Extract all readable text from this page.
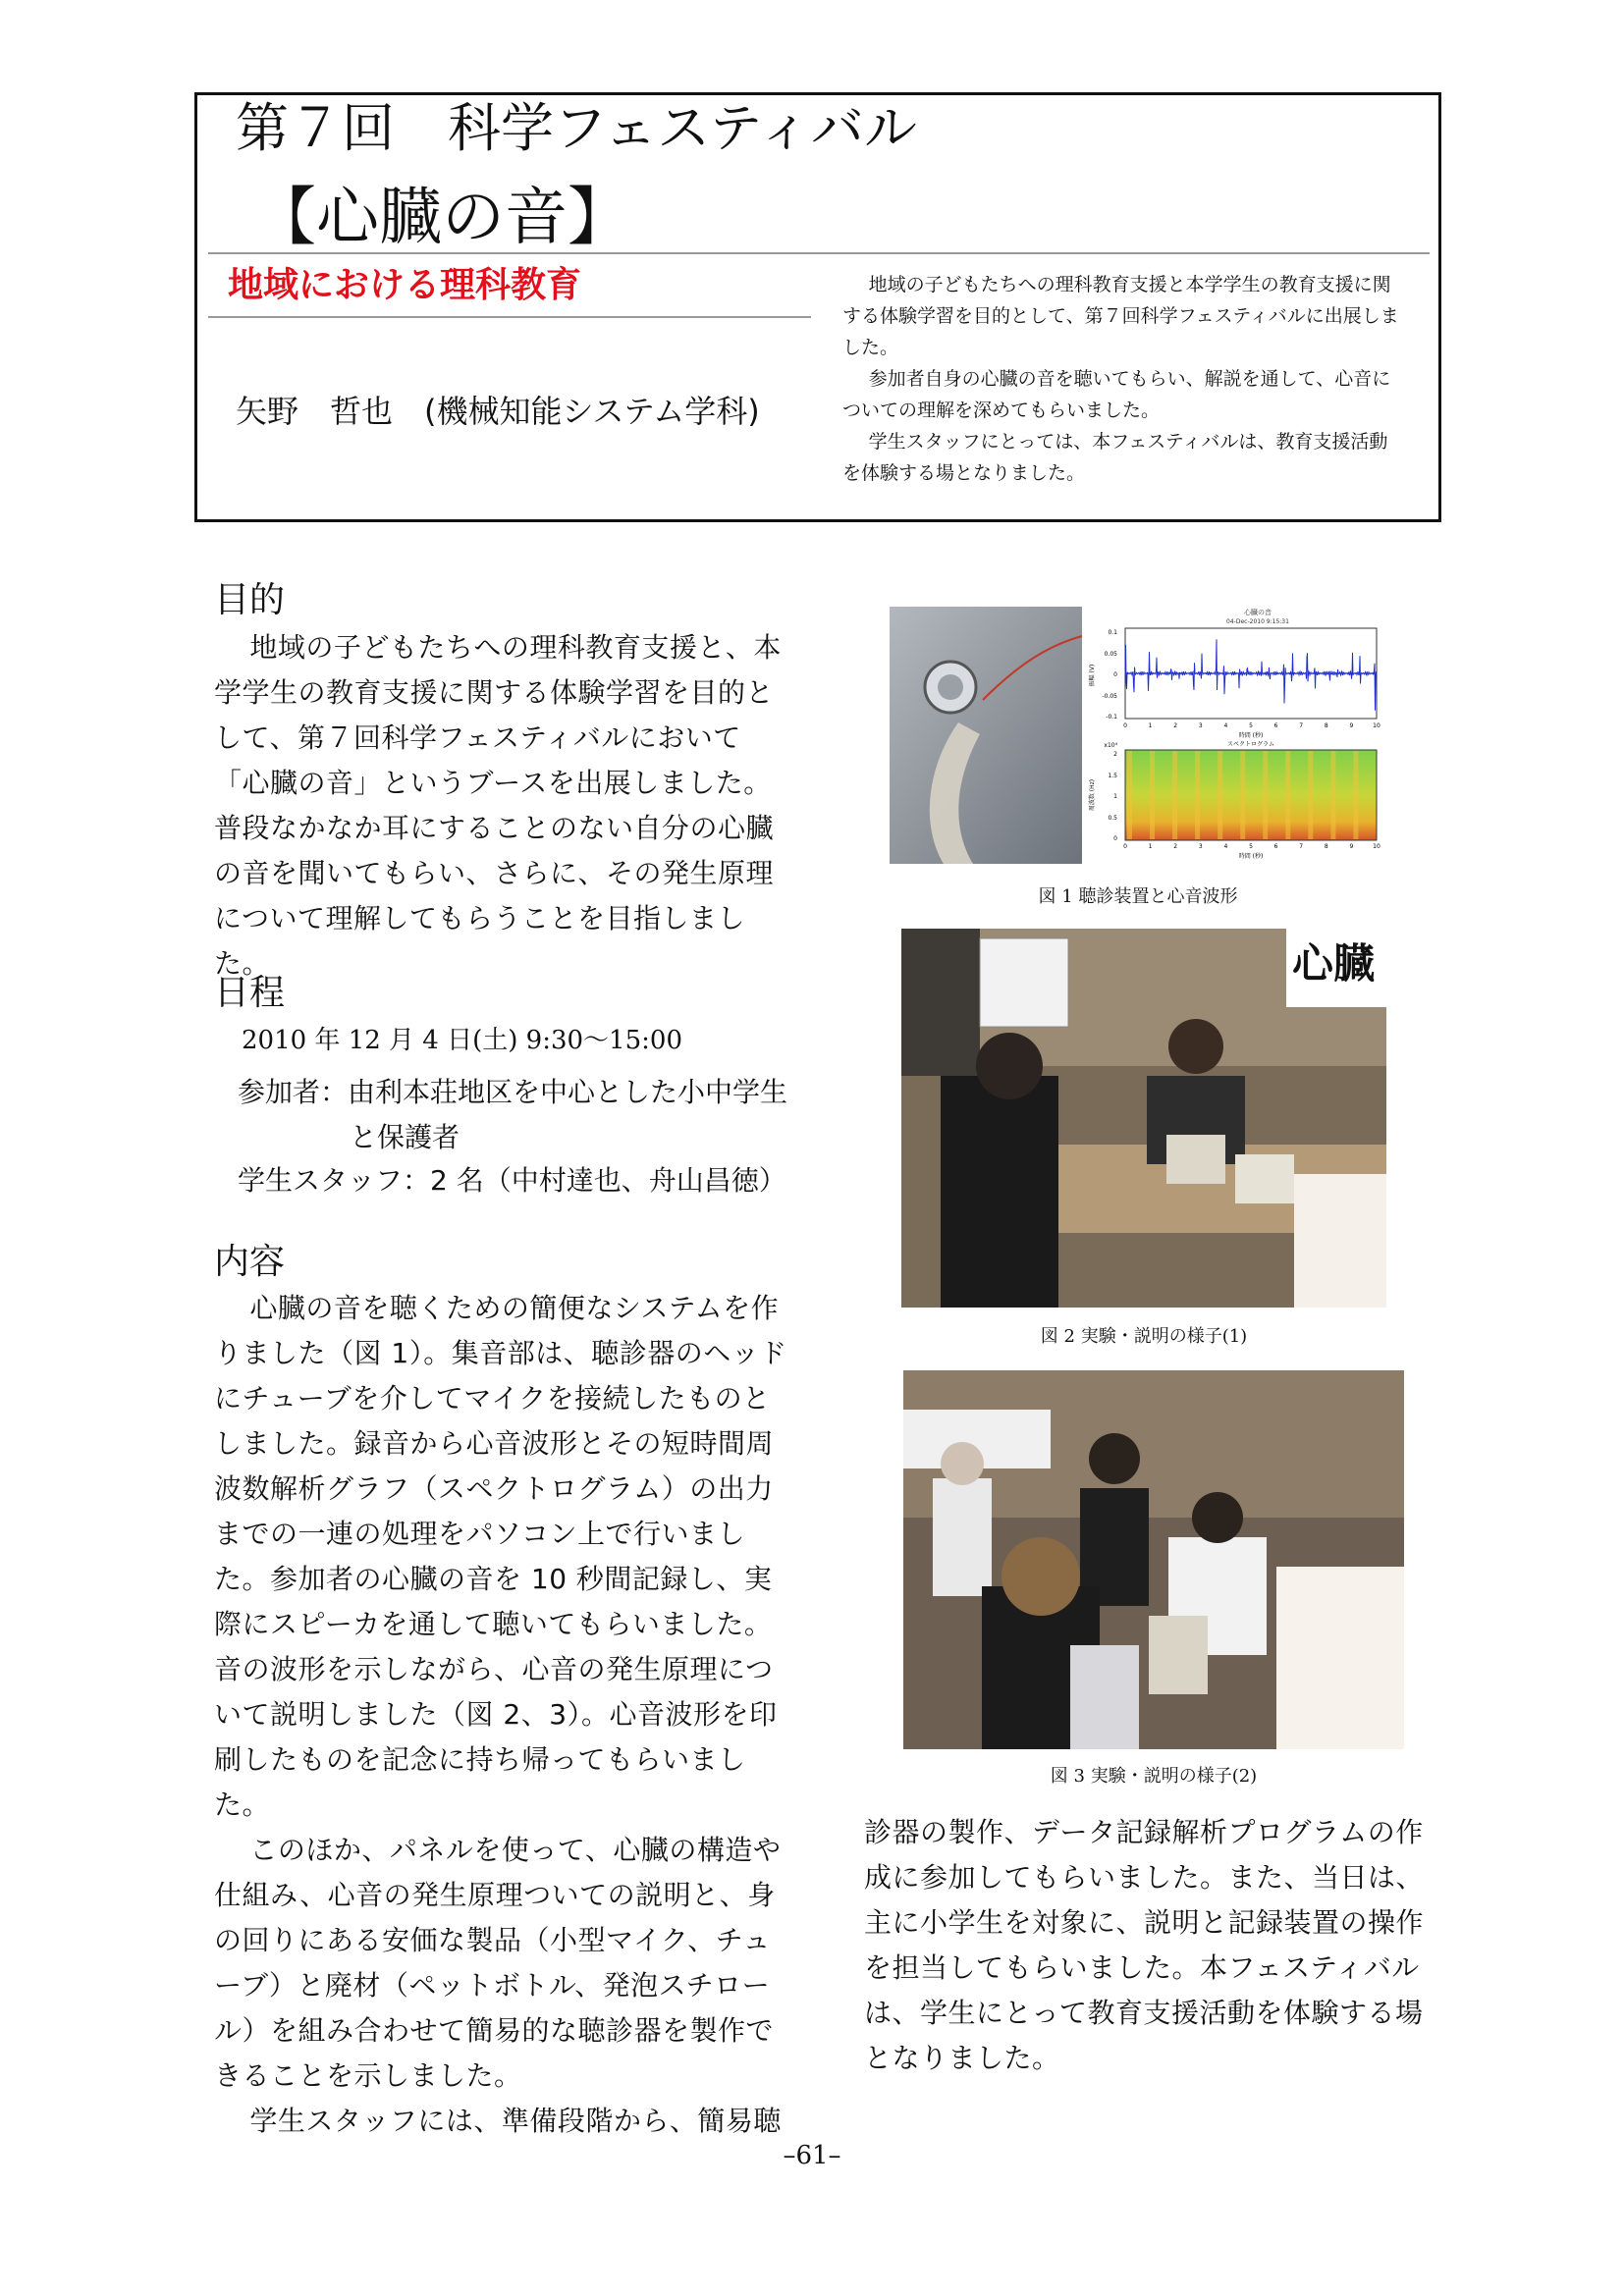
第７回　科学フェスティバル
【心臓の音】
地域における理科教育
矢野　哲也　(機械知能システム学科)

地域の子どもたちへの理科教育支援と本学学生の教育支援に関する体験学習を目的として、第７回科学フェスティバルに出展しました。

参加者自身の心臓の音を聴いてもらい、解説を通して、心音についての理解を深めてもらいました。

学生スタッフにとっては、本フェスティバルは、教育支援活動を体験する場となりました。

目的

地域の子どもたちへの理科教育支援と、本学学生の教育支援に関する体験学習を目的として、第７回科学フェスティバルにおいて「心臓の音」というブースを出展しました。普段なかなか耳にすることのない自分の心臓の音を聞いてもらい、さらに、その発生原理について理解してもらうことを目指しました。

日程
2010 年 12 月 4 日(土) 9:30～15:00
参加者：由利本荘地区を中心とした小中学生
と保護者
学生スタッフ：2 名（中村達也、舟山昌徳）
内容

心臓の音を聴くための簡便なシステムを作りました（図 1）。集音部は、聴診器のヘッドにチューブを介してマイクを接続したものとしました。録音から心音波形とその短時間周波数解析グラフ（スペクトログラム）の出力までの一連の処理をパソコン上で行いました。参加者の心臓の音を 10 秒間記録し、実際にスピーカを通して聴いてもらいました。音の波形を示しながら、心音の発生原理について説明しました（図 2、3）。心音波形を印刷したものを記念に持ち帰ってもらいました。

このほか、パネルを使って、心臓の構造や仕組み、心音の発生原理ついての説明と、身の回りにある安価な製品（小型マイク、チューブ）と廃材（ペットボトル、発泡スチロール）を組み合わせて簡易的な聴診器を製作できることを示しました。

学生スタッフには、準備段階から、簡易聴

診器の製作、データ記録解析プログラムの作成に参加してもらいました。また、当日は、主に小学生を対象に、説明と記録装置の操作を担当してもらいました。本フェスティバルは、学生にとって教育支援活動を体験する場となりました。

心臓の音
04-Dec-2010 9:15:31
0.1
0.05
0
-0.05
-0.1
振幅 (V)
0	1	2	3	4	5	6	7	8	9	10
時間 (秒)
スペクトログラム
x10⁴
2
1.5
1
0.5
0
周波数 (Hz)
0	1	2	3	4	5	6	7	8	9	10
時間 (秒)
図 1 聴診装置と心音波形
心臓
図 2 実験・説明の様子(1)
図 3 実験・説明の様子(2)
–61–
